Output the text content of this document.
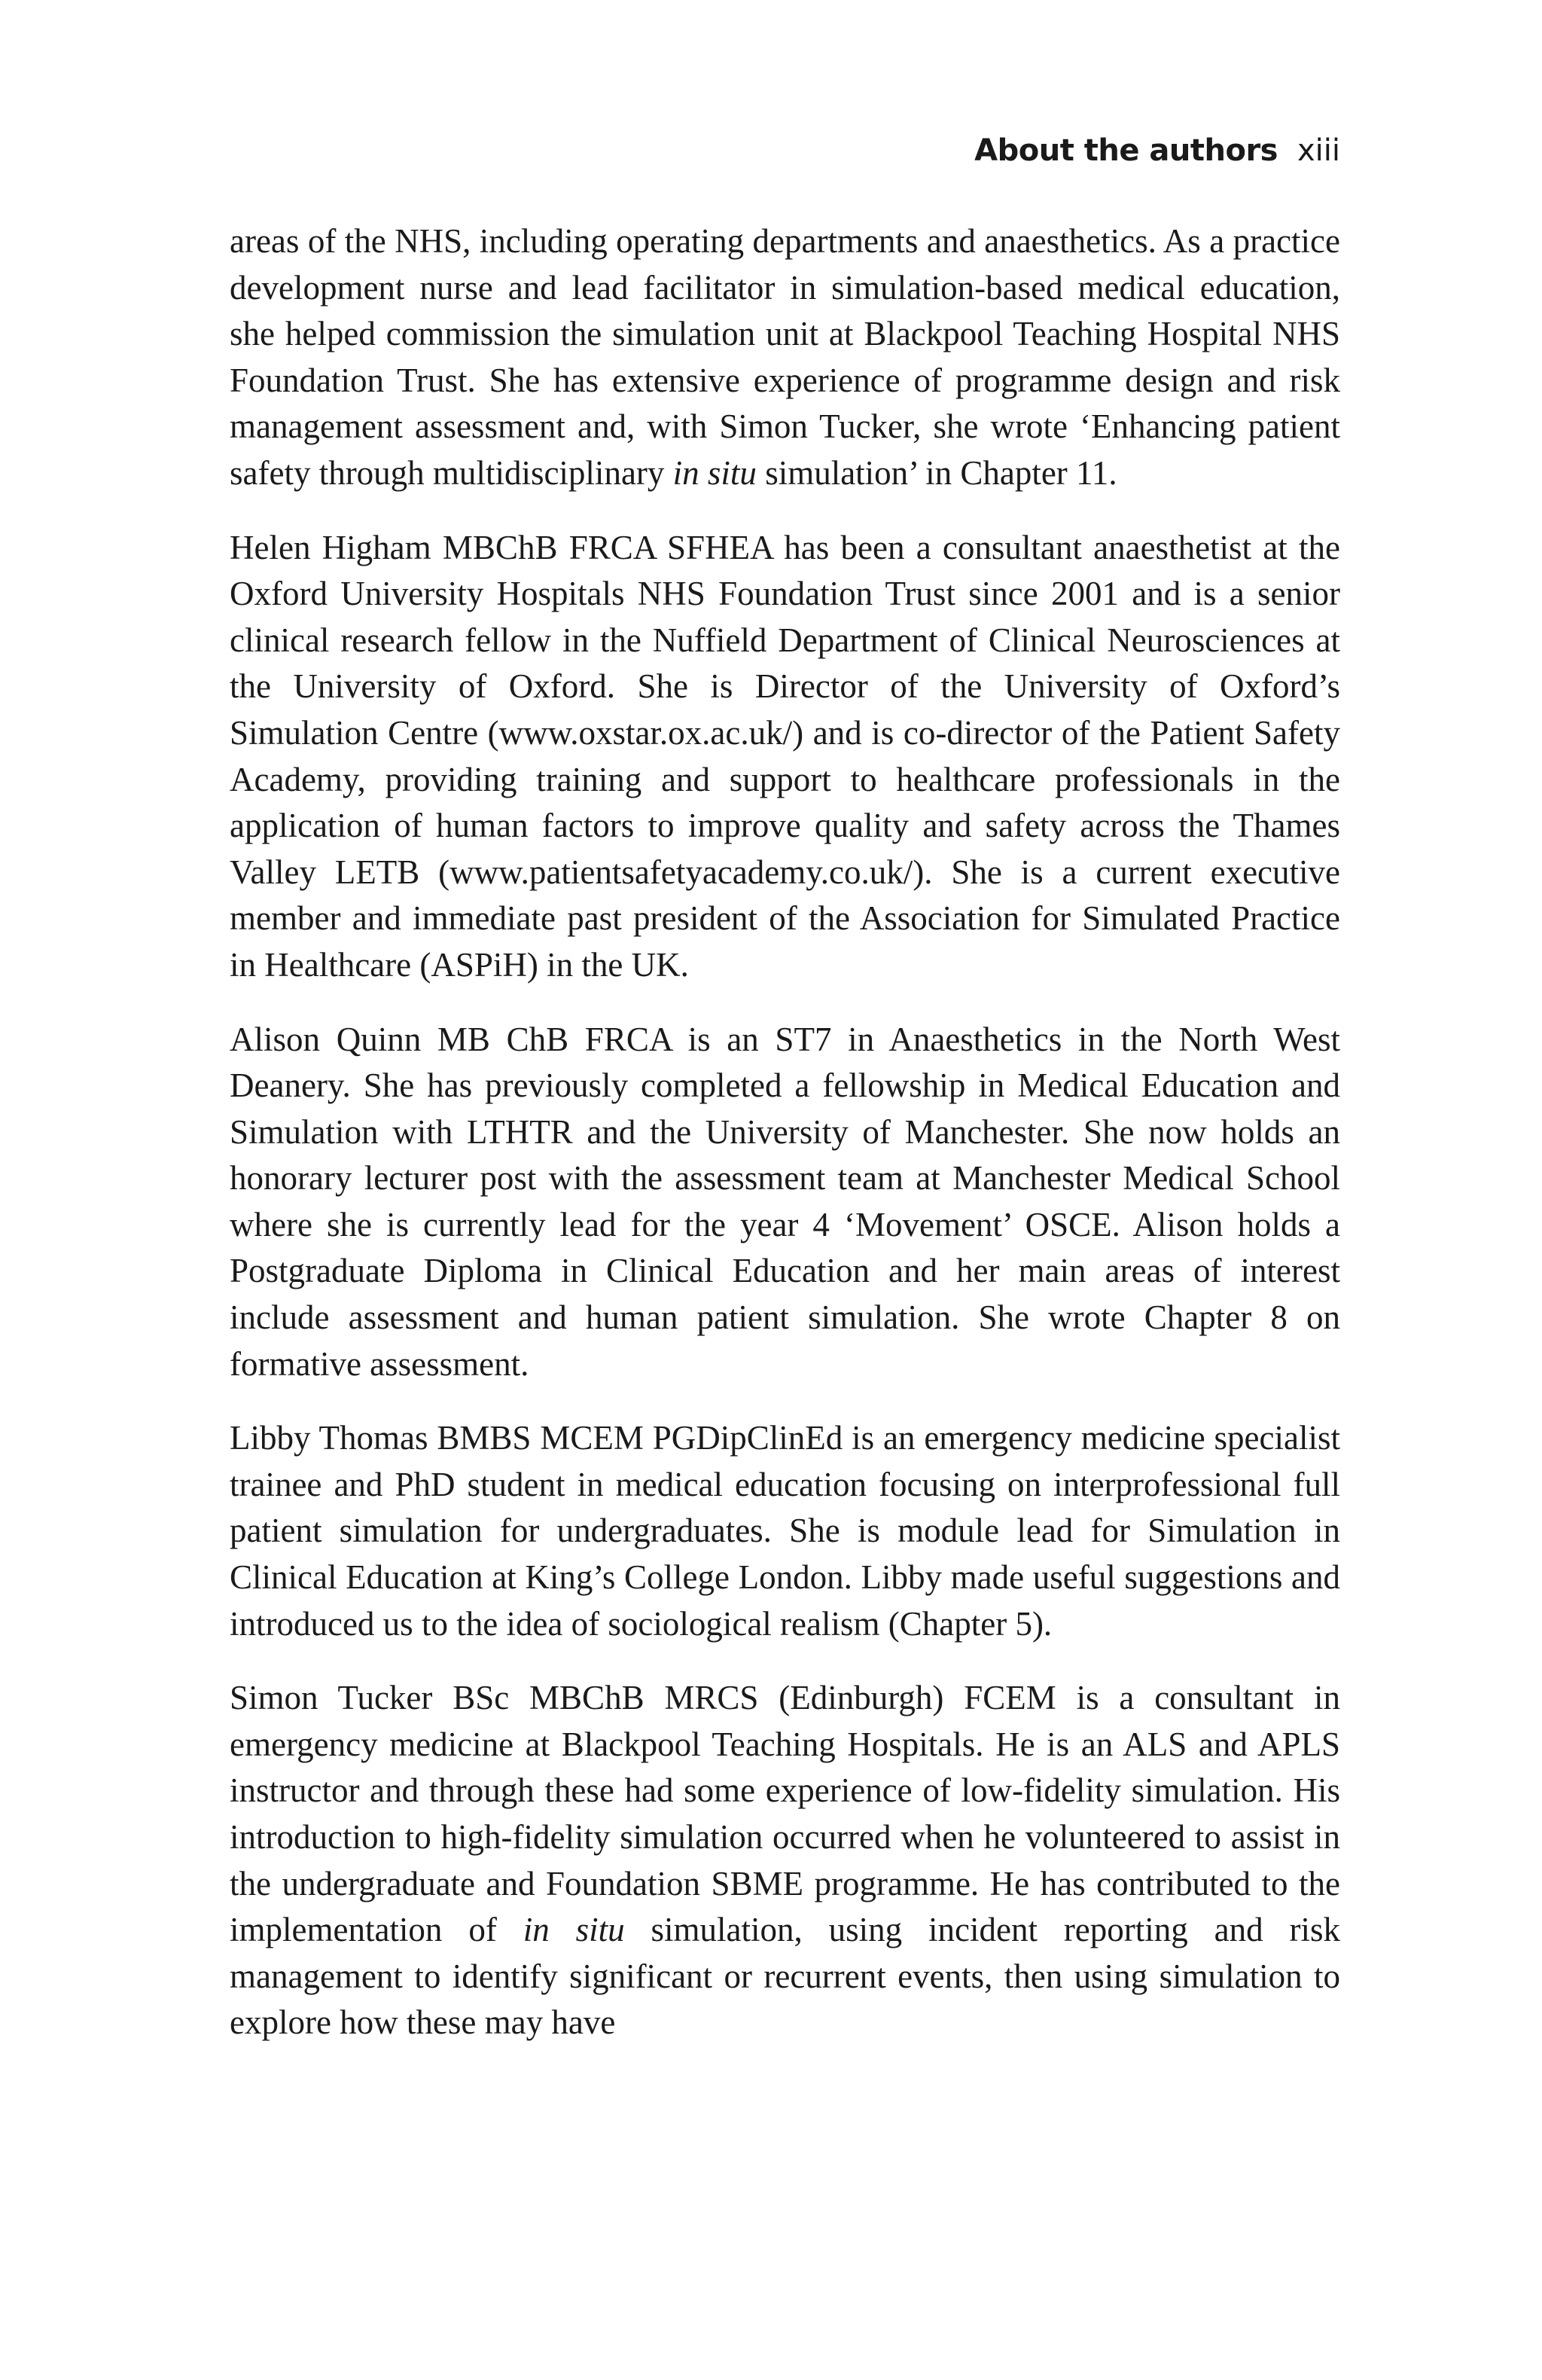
About the authors xiii

areas of the NHS, including operating departments and anaesthetics. As a practice development nurse and lead facilitator in simulation-based medical education, she helped commission the simulation unit at Blackpool Teaching Hospital NHS Foundation Trust. She has extensive experience of programme design and risk management assessment and, with Simon Tucker, she wrote ‘Enhancing patient safety through multidisciplinary in situ simulation’ in Chapter 11.

Helen Higham MBChB FRCA SFHEA has been a consultant anaesthetist at the Oxford University Hospitals NHS Foundation Trust since 2001 and is a senior clinical research fellow in the Nuffield Department of Clinical Neurosciences at the University of Oxford. She is Director of the University of Oxford’s Simulation Centre (www.oxstar.ox.ac.uk/) and is co-director of the Patient Safety Academy, providing training and support to healthcare professionals in the application of human factors to improve quality and safety across the Thames Valley LETB (www.patientsafetyacademy.co.uk/). She is a current executive member and immediate past president of the Association for Simulated Practice in Healthcare (ASPiH) in the UK.

Alison Quinn MB ChB FRCA is an ST7 in Anaesthetics in the North West Deanery. She has previously completed a fellowship in Medical Education and Simulation with LTHTR and the University of Manchester. She now holds an honorary lecturer post with the assessment team at Manchester Medical School where she is currently lead for the year 4 ‘Movement’ OSCE. Alison holds a Postgraduate Diploma in Clinical Education and her main areas of interest include assessment and human patient simulation. She wrote Chapter 8 on formative assessment.

Libby Thomas BMBS MCEM PGDipClinEd is an emergency medicine specialist trainee and PhD student in medical education focusing on interprofessional full patient simulation for undergraduates. She is module lead for Simulation in Clinical Education at King’s College London. Libby made useful suggestions and introduced us to the idea of sociological realism (Chapter 5).

Simon Tucker BSc MBChB MRCS (Edinburgh) FCEM is a consultant in emergency medicine at Blackpool Teaching Hospitals. He is an ALS and APLS instructor and through these had some experience of low-fidelity simulation. His introduction to high-fidelity simulation occurred when he volunteered to assist in the undergraduate and Foundation SBME programme. He has contributed to the implementation of in situ simulation, using incident reporting and risk management to identify significant or recurrent events, then using simulation to explore how these may have
